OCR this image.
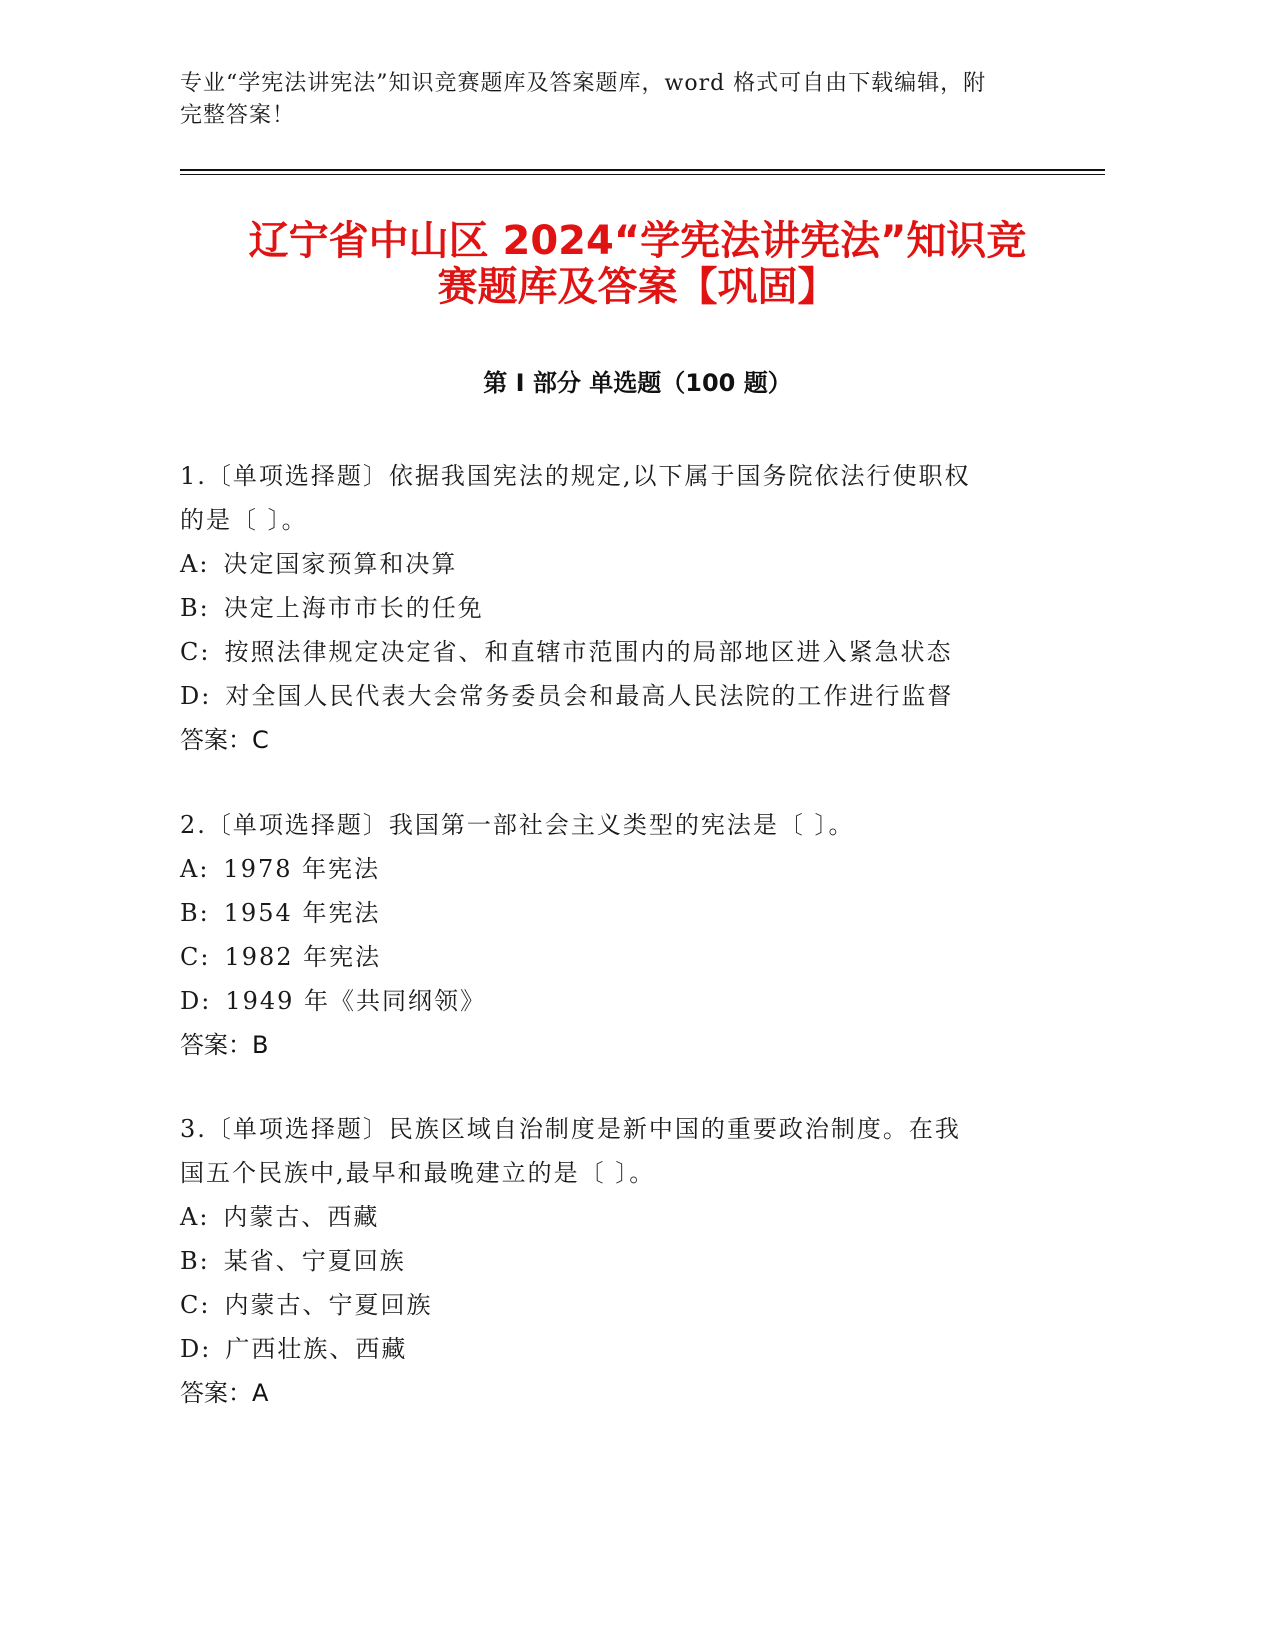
专业“学宪法讲宪法”知识竞赛题库及答案题库，word 格式可自由下载编辑，附
完整答案！
辽宁省中山区 2024“学宪法讲宪法”知识竞
赛题库及答案【巩固】
第 I 部分 单选题（100 题）

1.〔单项选择题〕依据我国宪法的规定,以下属于国务院依法行使职权

的是〔 〕。

A: 决定国家预算和决算
B: 决定上海市市长的任免
C: 按照法律规定决定省、和直辖市范围内的局部地区进入紧急状态
D: 对全国人民代表大会常务委员会和最高人民法院的工作进行监督
答案：C

2.〔单项选择题〕我国第一部社会主义类型的宪法是〔 〕。

A: 1978 年宪法
B: 1954 年宪法
C: 1982 年宪法
D: 1949 年《共同纲领》
答案：B

3.〔单项选择题〕民族区域自治制度是新中国的重要政治制度。在我

国五个民族中,最早和最晚建立的是〔 〕。

A: 内蒙古、西藏
B: 某省、宁夏回族
C: 内蒙古、宁夏回族
D: 广西壮族、西藏
答案：A
